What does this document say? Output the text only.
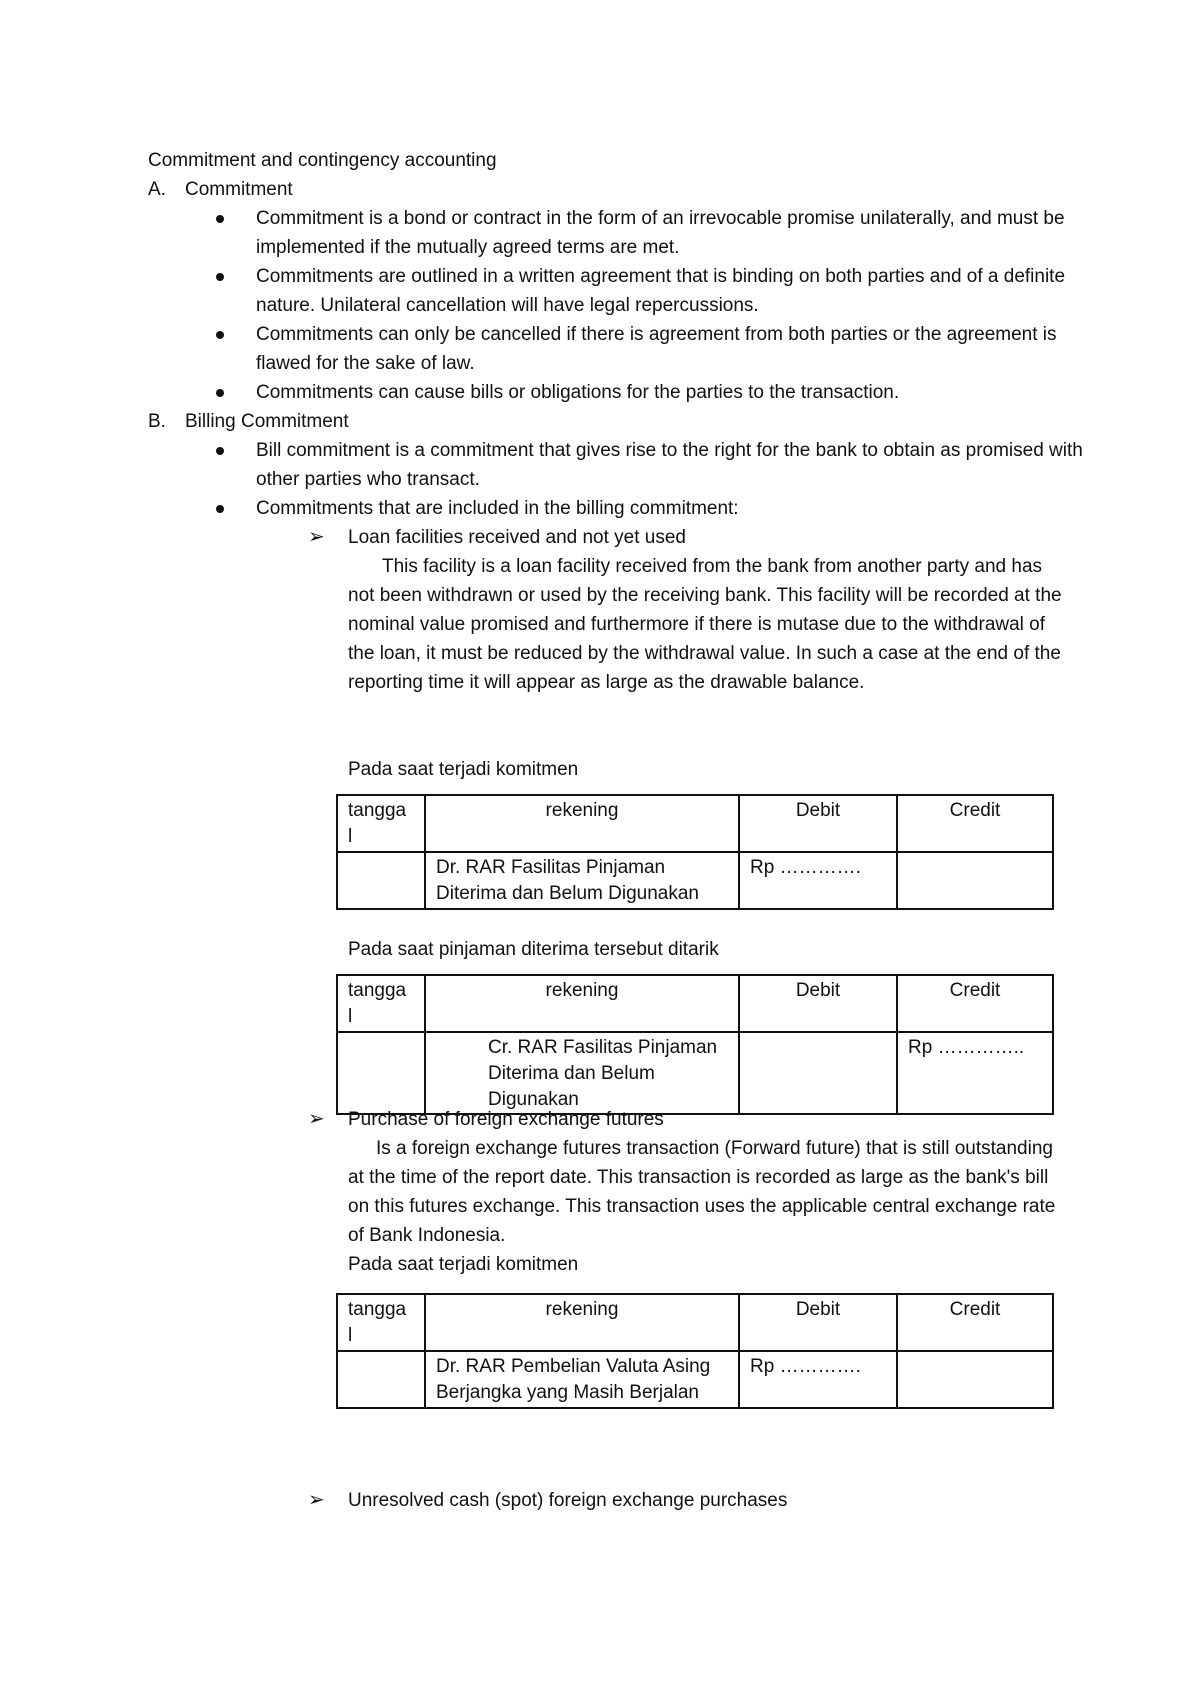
Commitment and contingency accounting
A. Commitment
Commitment is a bond or contract in the form of an irrevocable promise unilaterally, and must be implemented if the mutually agreed terms are met.
Commitments are outlined in a written agreement that is binding on both parties and of a definite nature. Unilateral cancellation will have legal repercussions.
Commitments can only be cancelled if there is agreement from both parties or the agreement is flawed for the sake of law.
Commitments can cause bills or obligations for the parties to the transaction.
B. Billing Commitment
Bill commitment is a commitment that gives rise to the right for the bank to obtain as promised with other parties who transact.
Commitments that are included in the billing commitment:
➢ Loan facilities received and not yet used
This facility is a loan facility received from the bank from another party and has not been withdrawn or used by the receiving bank. This facility will be recorded at the nominal value promised and furthermore if there is mutase due to the withdrawal of the loan, it must be reduced by the withdrawal value. In such a case at the end of the reporting time it will appear as large as the drawable balance.
Pada saat terjadi komitmen
tangga l	rekening	Debit	Credit
	Dr. RAR Fasilitas Pinjaman Diterima dan Belum Digunakan	Rp ………….	
Pada saat pinjaman diterima tersebut ditarik
tangga l	rekening	Debit	Credit
	Cr. RAR Fasilitas Pinjaman Diterima dan Belum Digunakan		Rp …………..
➢ Purchase of foreign exchange futures
Is a foreign exchange futures transaction (Forward future) that is still outstanding at the time of the report date. This transaction is recorded as large as the bank's bill on this futures exchange. This transaction uses the applicable central exchange rate of Bank Indonesia.
Pada saat terjadi komitmen
tangga l	rekening	Debit	Credit
	Dr. RAR Pembelian Valuta Asing Berjangka yang Masih Berjalan	Rp ………….	
➢ Unresolved cash (spot) foreign exchange purchases
